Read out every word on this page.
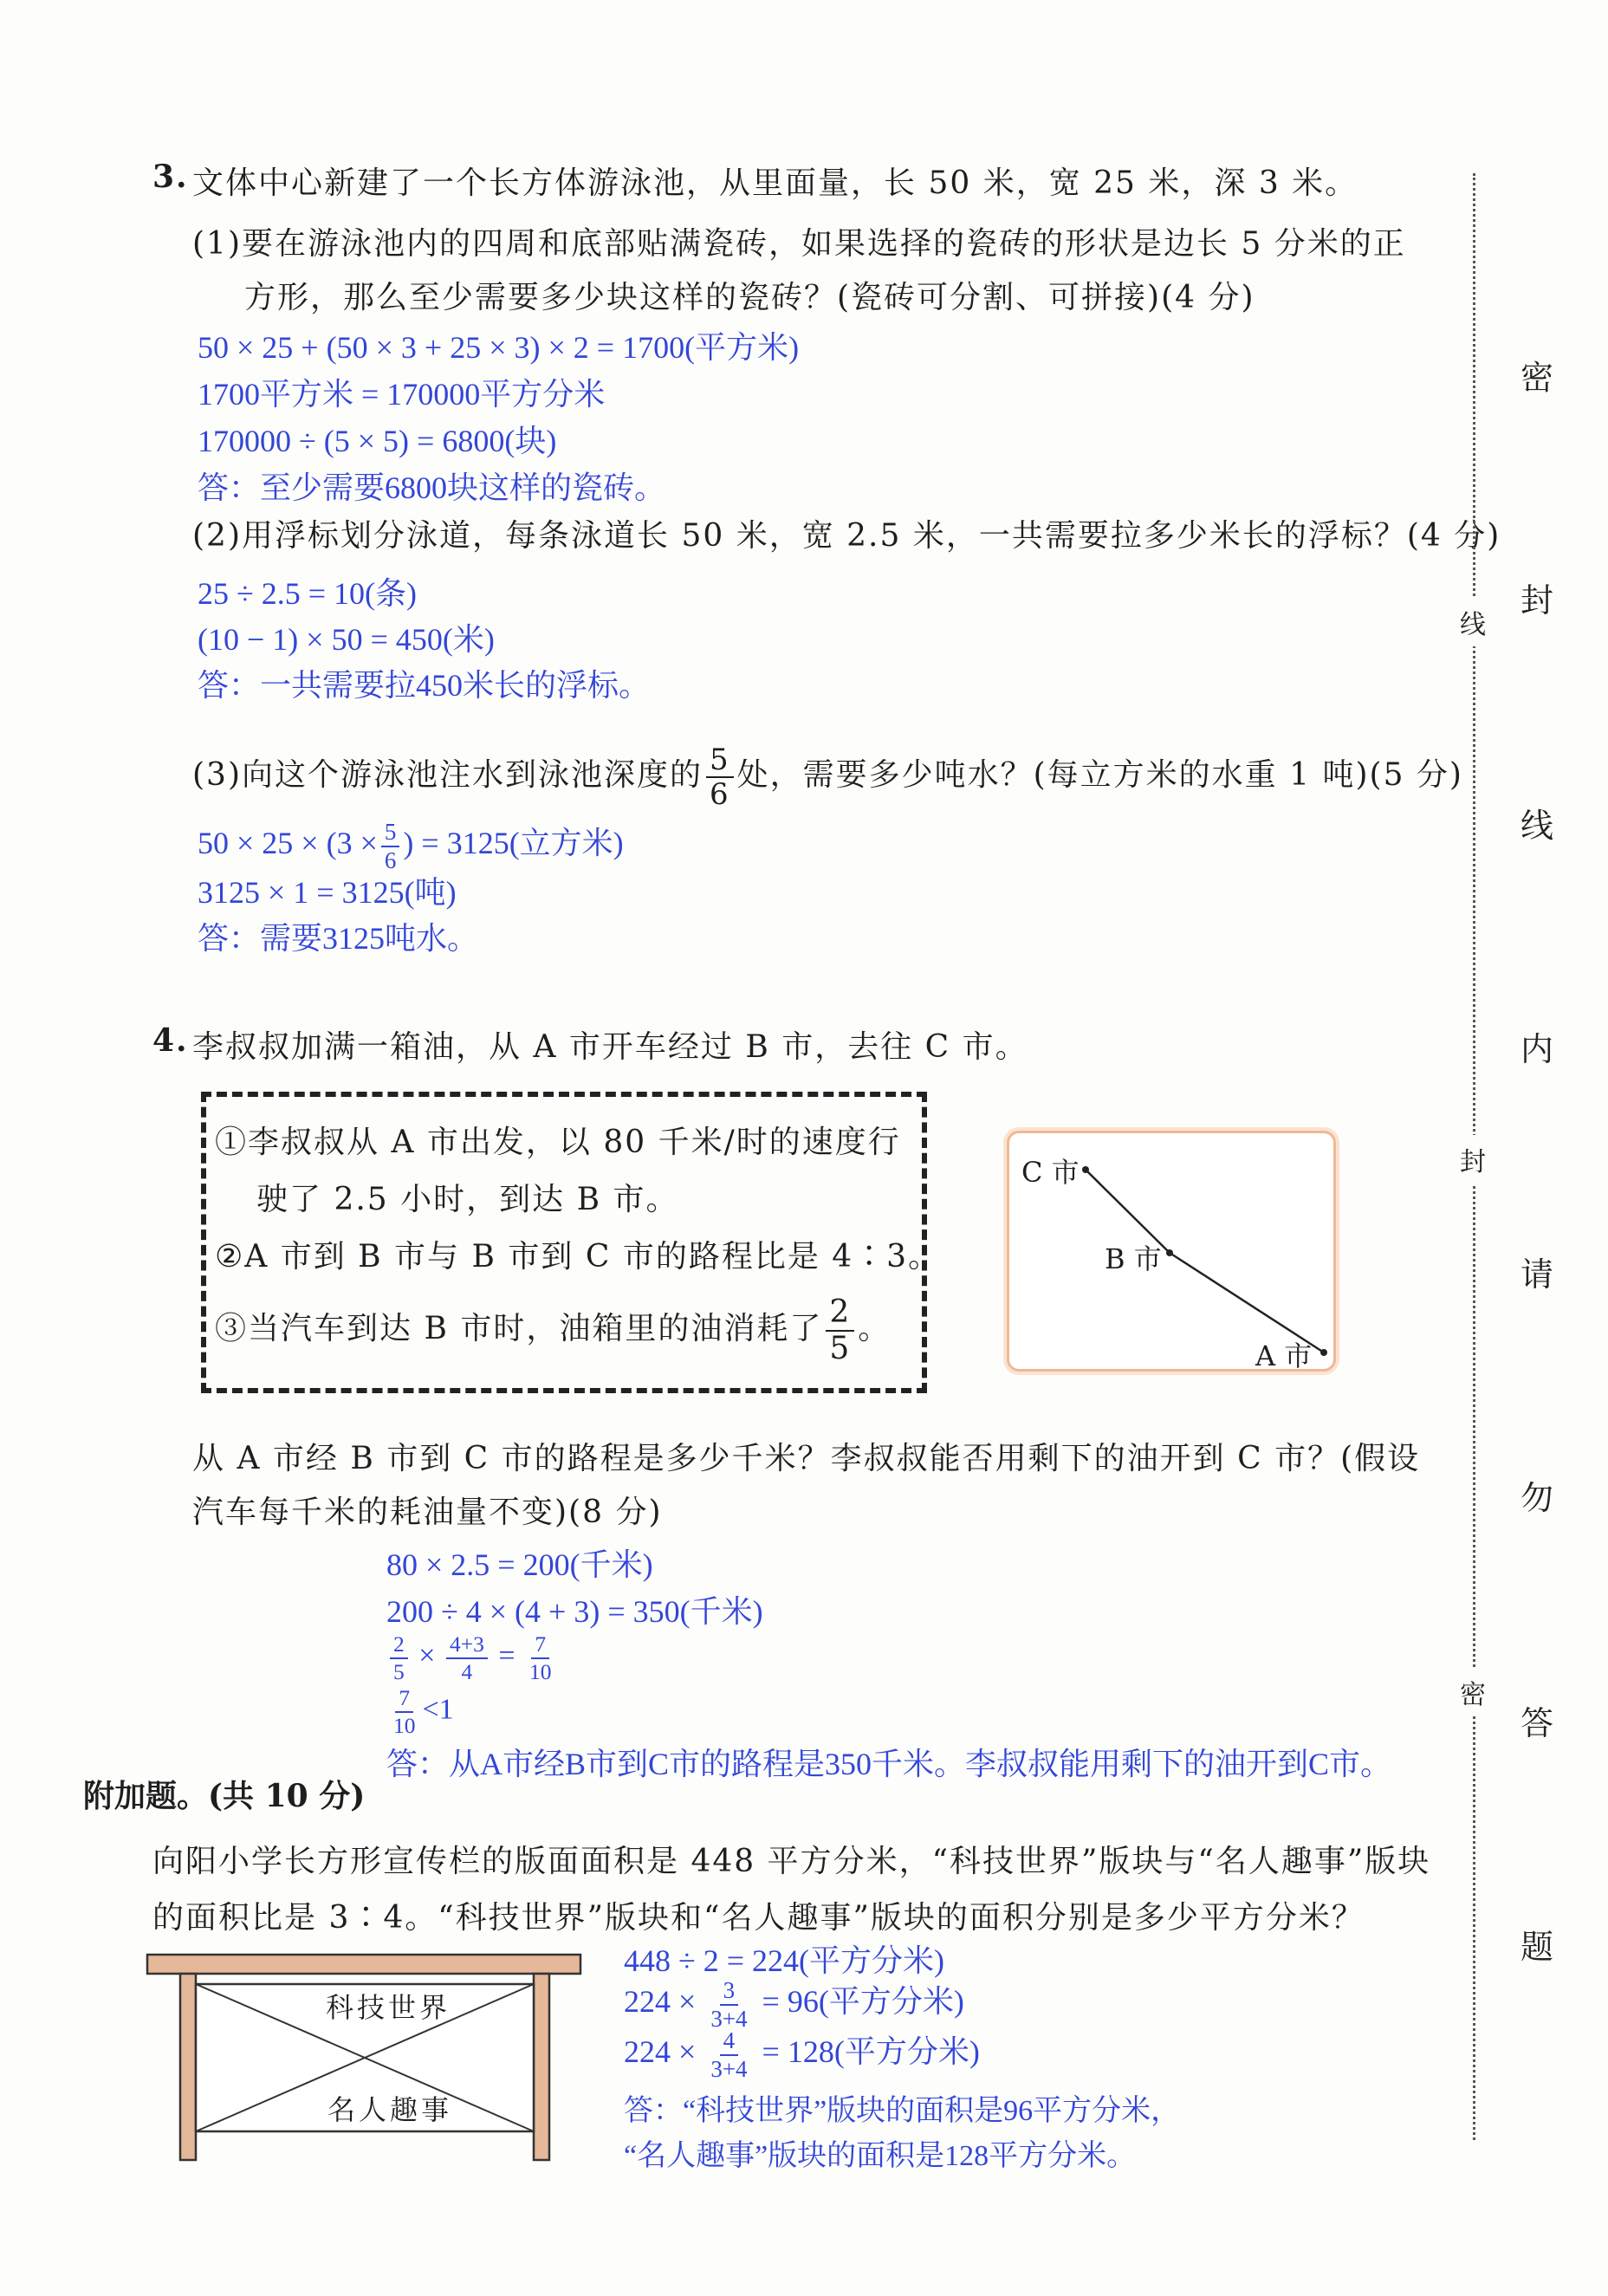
3. 文体中心新建了一个长方体游泳池，从里面量，长 50 米，宽 25 米，深 3 米。
(1)要在游泳池内的四周和底部贴满瓷砖，如果选择的瓷砖的形状是边长 5 分米的正
方形，那么至少需要多少块这样的瓷砖？(瓷砖可分割、可拼接)(4 分)
50 × 25 + (50 × 3 + 25 × 3) × 2 = 1700(平方米)
1700平方米 = 170000平方分米
170000 ÷ (5 × 5) = 6800(块)
答：至少需要6800块这样的瓷砖。
(2)用浮标划分泳道，每条泳道长 50 米，宽 2.5 米，一共需要拉多少米长的浮标？(4 分)
25 ÷ 2.5 = 10(条)
(10 − 1) × 50 = 450(米)
答：一共需要拉450米长的浮标。
(3)向这个游泳池注水到泳池深度的 $\frac{5}{6}$ 处，需要多少吨水？(每立方米的水重 1 吨)(5 分)
$50 \times 25 \times (3 \times \frac{5}{6}$ ) = 3125(立方米)
3125 × 1 = 3125(吨)
答：需要3125吨水。
4. 李叔叔加满一箱油，从 A 市开车经过 B 市，去往 C 市。
①李叔叔从 A 市出发，以 80 千米/时的速度行
驶了 2.5 小时，到达 B 市。
②A 市到 B 市与 B 市到 C 市的路程比是 4∶3。
③当汽车到达 B 市时，油箱里的油消耗了 $\frac{2}{5}$ 。
C 市
B 市
A 市
从 A 市经 B 市到 C 市的路程是多少千米？李叔叔能否用剩下的油开到 C 市？(假设
汽车每千米的耗油量不变)(8 分)
80 × 2.5 = 200(千米)
200 ÷ 4 × (4 + 3) = 350(千米)
$\frac{2}{5} \times \frac{4+3}{4} = \frac{7}{10}$
$\frac{7}{10} <1$
答：从A市经B市到C市的路程是350千米。李叔叔能用剩下的油开到C市。
附加题。(共 10 分)
向阳小学长方形宣传栏的版面面积是 448 平方分米，“科技世界”版块与“名人趣事”版块
的面积比是 3∶4。“科技世界”版块和“名人趣事”版块的面积分别是多少平方分米？
科技世界
名人趣事
448 ÷ 2 = 224(平方分米)
$224 \times \frac{3}{3+4} = 96$(平方分米)
$224 \times \frac{4}{3+4} = 128$(平方分米)
答：“科技世界”版块的面积是96平方分米，
“名人趣事”版块的面积是128平方分米。
线
封
密
密
封
线
内
请
勿
答
题
